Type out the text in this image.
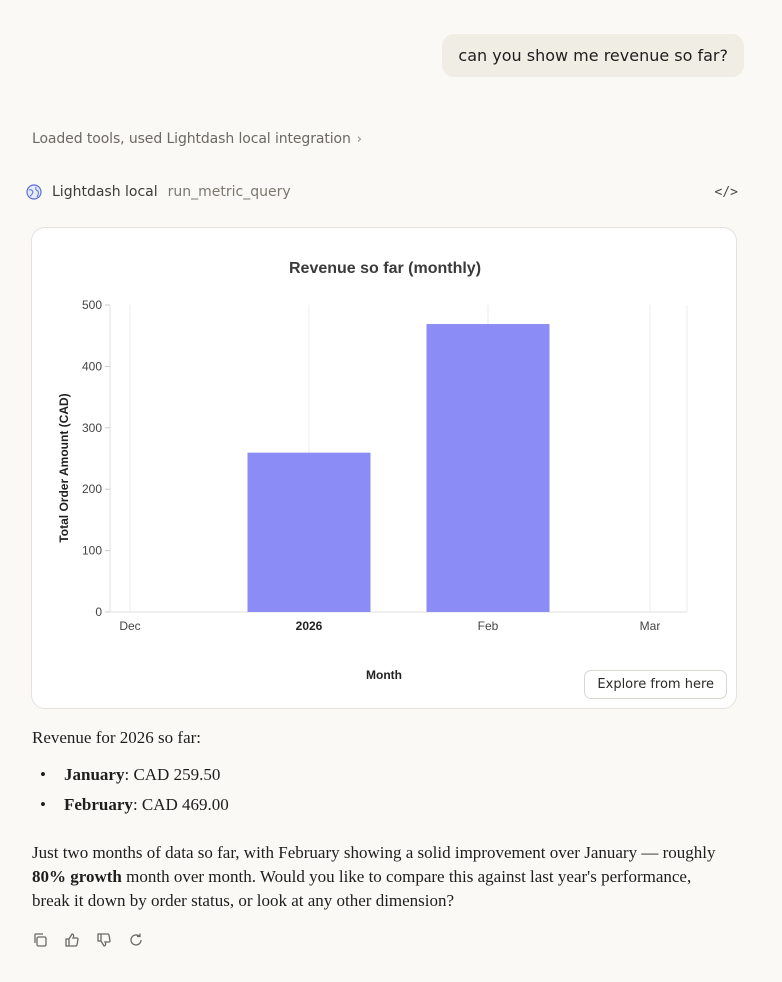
can you show me revenue so far?
Loaded tools, used Lightdash local integration ›
Lightdash local run_metric_query	</>
Revenue so far (monthly)
0
100
200
300
400
500
Dec	2026	Feb	Mar
Total Order Amount (CAD)
Month
Explore from here

Revenue for 2026 so far:

• January: CAD 259.50
• February: CAD 469.00

Just two months of data so far, with February showing a solid improvement over January — roughly 80% growth month over month. Would you like to compare this against last year's performance, break it down by order status, or look at any other dimension?
